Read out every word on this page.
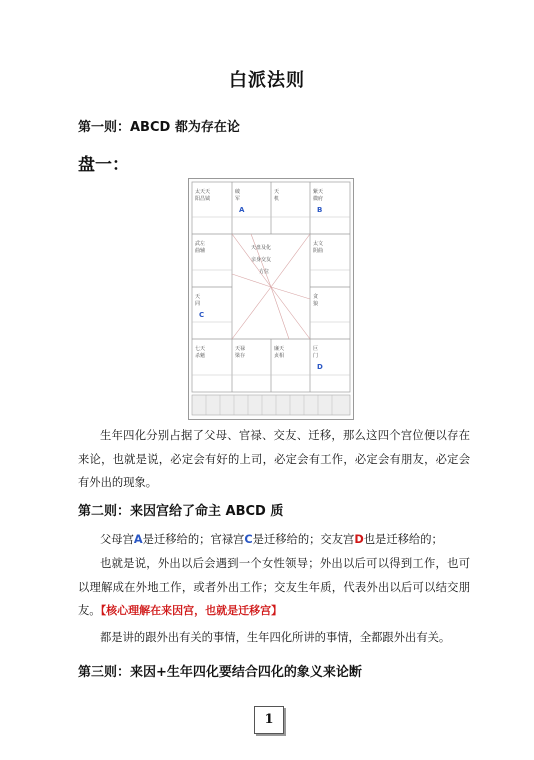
白派法则
第一则：ABCD 都为存在论
盘一：
太天天
阳昌钺
破
军
天
机
紫天
微府
武左
曲辅
太文
阴曲
天
同
贪
狼
七天
杀魁
天禄
梁存
廉天
贞相
巨
门
天盘及化
亲身交友
方位
A	B
C
D
生年四化分别占据了父母、官禄、交友、迁移，那么这四个宫位便以存在来论，也就是说，必定会有好的上司，必定会有工作，必定会有朋友，必定会有外出的现象。
第二则：来因宫给了命主 ABCD 质
父母宫A是迁移给的；官禄宫C是迁移给的；交友宫D也是迁移给的；
也就是说，外出以后会遇到一个女性领导；外出以后可以得到工作，也可以理解成在外地工作，或者外出工作；交友生年质，代表外出以后可以结交朋友。【核心理解在来因宫，也就是迁移宫】
都是讲的跟外出有关的事情，生年四化所讲的事情，全都跟外出有关。
第三则：来因+生年四化要结合四化的象义来论断
1
